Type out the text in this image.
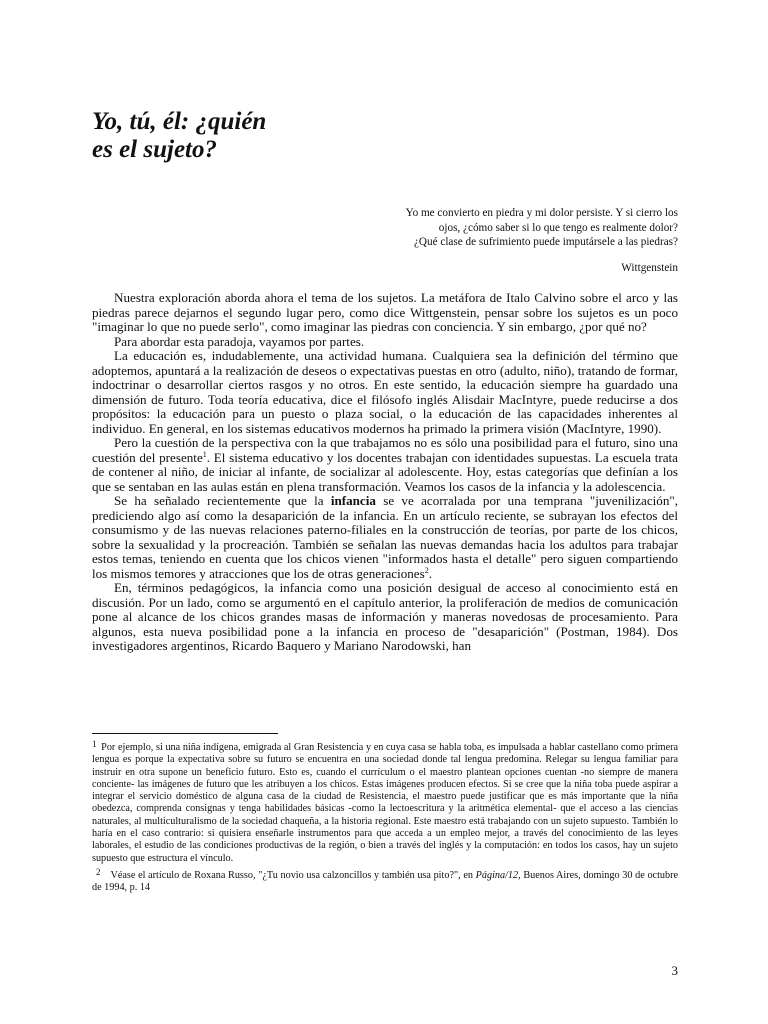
Yo, tú, él: ¿quién
es el sujeto?
Yo me convierto en piedra y mi dolor persiste. Y si cierro los
ojos, ¿cómo saber si lo que tengo es realmente dolor?
¿Qué clase de sufrimiento puede imputársele a las piedras?
Wittgenstein

Nuestra exploración aborda ahora el tema de los sujetos. La metáfora de Italo Calvino sobre el arco y las piedras parece dejarnos el segundo lugar pero, como dice Wittgenstein, pensar sobre los sujetos es un poco "imaginar lo que no puede serlo", como imaginar las piedras con conciencia. Y sin embargo, ¿por qué no?

Para abordar esta paradoja, vayamos por partes.

La educación es, indudablemente, una actividad humana. Cualquiera sea la definición del término que adoptemos, apuntará a la realización de deseos o expectativas puestas en otro (adulto, niño), tratando de formar, indoctrinar o desarrollar ciertos rasgos y no otros. En este sentido, la educación siempre ha guardado una dimensión de futuro. Toda teoría educativa, dice el filósofo inglés Alisdair MacIntyre, puede reducirse a dos propósitos: la educación para un puesto o plaza social, o la educación de las capacidades inherentes al individuo. En general, en los sistemas educativos modernos ha primado la primera visión (MacIntyre, 1990).

Pero la cuestión de la perspectiva con la que trabajamos no es sólo una posibilidad para el futuro, sino una cuestión del presente$^1$. El sistema educativo y los docentes trabajan con identidades supuestas. La escuela trata de contener al niño, de iniciar al infante, de socializar al adolescente. Hoy, estas categorías que definían a los que se sentaban en las aulas están en plena transformación. Veamos los casos de la infancia y la adolescencia.

Se ha señalado recientemente que la infancia se ve acorralada por una temprana "juvenilización", prediciendo algo así como la desaparición de la infancia. En un artículo reciente, se subrayan los efectos del consumismo y de las nuevas relaciones paterno-filiales en la construcción de teorías, por parte de los chicos, sobre la sexualidad y la procreación. También se señalan las nuevas demandas hacia los adultos para trabajar estos temas, teniendo en cuenta que los chicos vienen "informados hasta el detalle" pero siguen compartiendo los mismos temores y atracciones que los de otras generaciones$^2$.

En, términos pedagógicos, la infancia como una posición desigual de acceso al conocimiento está en discusión. Por un lado, como se argumentó en el capítulo anterior, la proliferación de medios de comunicación pone al alcance de los chicos grandes masas de información y maneras novedosas de procesamiento. Para algunos, esta nueva posibilidad pone a la infancia en proceso de "desaparición" (Postman, 1984). Dos investigadores argentinos, Ricardo Baquero y Mariano Narodowski, han

1 Por ejemplo, si una niña indígena, emigrada al Gran Resistencia y en cuya casa se habla toba, es impulsada a hablar castellano como primera lengua es porque la expectativa sobre su futuro se encuentra en una sociedad donde tal lengua predomina. Relegar su lengua familiar para instruir en otra supone un beneficio futuro. Esto es, cuando el currículum o el maestro plantean opciones cuentan -no siempre de manera conciente- las imágenes de futuro que les atribuyen a los chicos. Estas imágenes producen efectos. Si se cree que la niña toba puede aspirar a integrar el servicio doméstico de alguna casa de la ciudad de Resistencia, el maestro puede justificar que es más importante que la niña obedezca, comprenda consignas y tenga habilidades básicas -como la lectoescritura y la aritmética elemental- que el acceso a las ciencias naturales, al multiculturalismo de la sociedad chaqueña, a la historia regional. Este maestro está trabajando con un sujeto supuesto. También lo haría en el caso contrario: si quisiera enseñarle instrumentos para que acceda a un empleo mejor, a través del conocimiento de las leyes laborales, el estudio de las condiciones productivas de la región, o bien a través del inglés y la computación: en todos los casos, hay un sujeto supuesto que estructura el vínculo.

2 Véase el artículo de Roxana Russo, "¿Tu novio usa calzoncillos y también usa pito?", en Página/12, Buenos Aires, domingo 30 de octubre de 1994, p. 14

3
